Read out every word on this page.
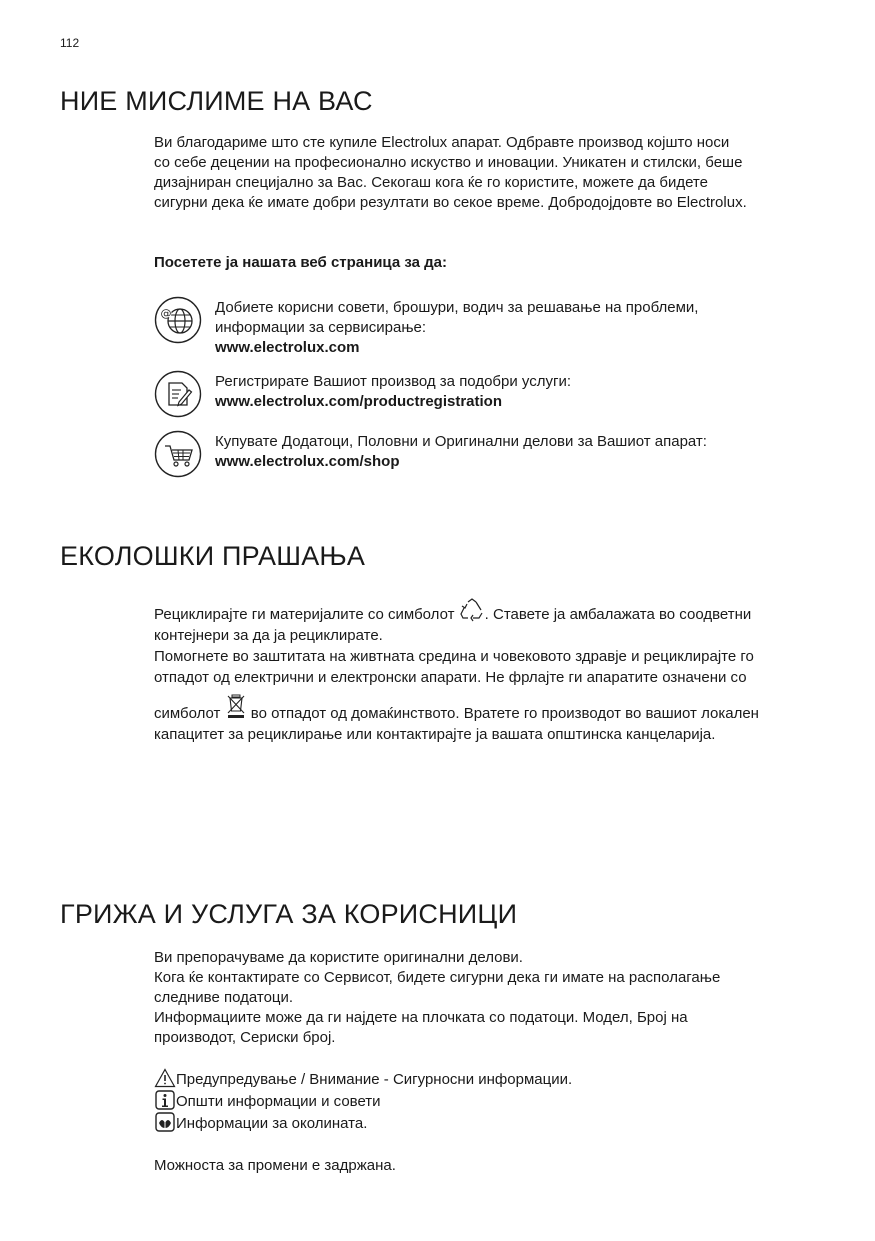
112
НИЕ МИСЛИМЕ НА ВАС
Ви благодариме што сте купиле Electrolux апарат. Одбравте производ којшто носи
со себе децении на професионално искуство и иновации. Уникатен и стилски, беше
дизајниран специјално за Вас. Секогаш кога ќе го користите, можете да бидете
сигурни дека ќе имате добри резултати во секое време. Добродојдовте во Electrolux.
Посетете ја нашата веб страница за да:
@	Добиете корисни совети, брошури, водич за решавање на проблеми,
информации за сервисирање:
www.electrolux.com
Регистрирате Вашиот производ за подобри услуги:
www.electrolux.com/productregistration
Купувате Додатоци, Половни и Оригинални делови за Вашиот апарат:
www.electrolux.com/shop
ЕКОЛОШКИ ПРАШАЊА
Рециклирајте ги материјалите со симболот . Ставете ја амбалажата во соодветни
контејнери за да ја рециклирате.
Помогнете во заштитата на живтната средина и човековото здравје и рециклирајте го
отпадот од електрични и електронски апарати. Не фрлајте ги апаратите означени со
симболот во отпадот од домаќинството. Вратете го производот во вашиот локален
капацитет за рециклирање или контактирајте ја вашата општинска канцеларија.
ГРИЖА И УСЛУГА ЗА КОРИСНИЦИ
Ви препорачуваме да користите оригинални делови.
Кога ќе контактирате со Сервисот, бидете сигурни дека ги имате на располагање
следниве податоци.
Информациите може да ги најдете на плочката со податоци. Модел, Број на
производот, Сериски број.
Предупредување / Внимание - Сигурносни информации.
Општи информации и совети
Информации за околината.
Можноста за промени е задржана.
